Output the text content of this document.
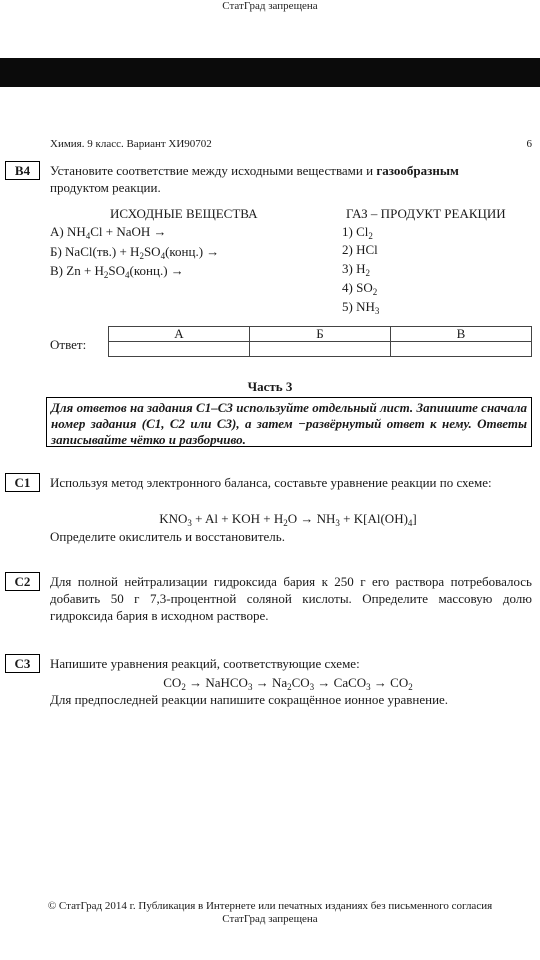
СтатГрад запрещена
Химия. 9 класс. Вариант ХИ90702	6
B4	Установите соответствие между исходными веществами и газообразным
продуктом реакции.
ИСХОДНЫЕ ВЕЩЕСТВА	ГАЗ – ПРОДУКТ РЕАКЦИИ
А) $NH_4Cl$ + NaOH →
Б) NaCl(тв.) + $H_2SO_4(конц.)$ →
В) $Zn + H_2SO_4(конц.)$ →
1) $Cl_2$
2) HCl
3) $H_2$
4) $SO_2$
5) $NH_3$
Ответ:
А	Б	В

Часть 3
Для ответов на задания C1–C3 используйте отдельный лист. Запишите сначала номер задания (C1, C2 или C3), а затем −развёрнутый ответ к нему. Ответы записывайте чётко и разборчиво.
C1	Используя метод электронного баланса, составьте уравнение реакции по схеме:
$KNO_3 + Al$ + KOH + $H_2O \to NH_3 + K[Al(OH)_4]$
Определите окислитель и восстановитель.
C2	Для полной нейтрализации гидроксида бария к 250 г его раствора потребовалось добавить 50 г 7,3-процентной соляной кислоты. Определите массовую долю гидроксида бария в исходном растворе.
C3	Напишите уравнения реакций, соответствующие схеме:
$CO_2$ → NaHCO$_3$ → $Na_2CO_3$ → CaCO$_3$ → $CO_2$
Для предпоследней реакции напишите сокращённое ионное уравнение.
© СтатГрад 2014 г. Публикация в Интернете или печатных изданиях без письменного согласия
СтатГрад запрещена
